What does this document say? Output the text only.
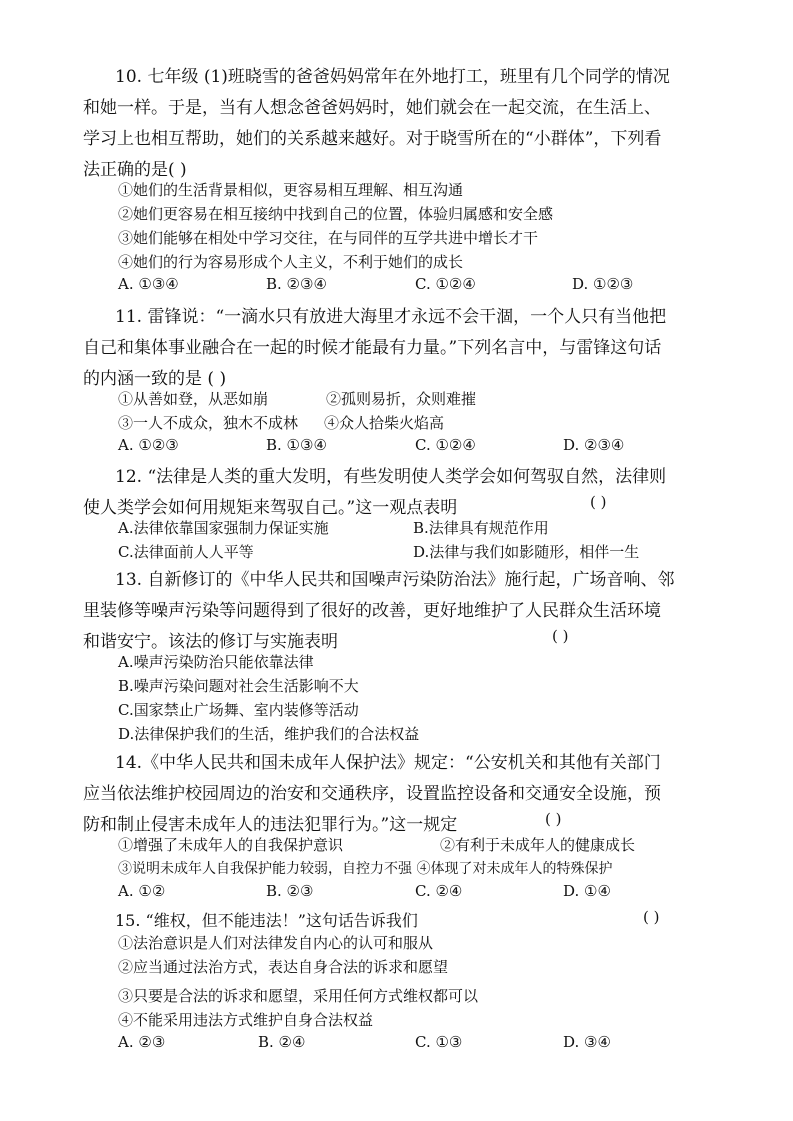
10. 七年级 (1)班晓雪的爸爸妈妈常年在外地打工，班里有几个同学的情况
和她一样。于是，当有人想念爸爸妈妈时，她们就会在一起交流，在生活上、
学习上也相互帮助，她们的关系越来越好。对于晓雪所在的“小群体”，下列看
法正确的是( )
①她们的生活背景相似，更容易相互理解、相互沟通
②她们更容易在相互接纳中找到自己的位置，体验归属感和安全感
③她们能够在相处中学习交往，在与同伴的互学共进中增长才干
④她们的行为容易形成个人主义，不利于她们的成长
A. ①③④	B. ②③④	C. ①②④	D. ①②③
11. 雷锋说：“一滴水只有放进大海里才永远不会干涸，一个人只有当他把
自己和集体事业融合在一起的时候才能最有力量。”下列名言中，与雷锋这句话
的内涵一致的是 ( )
①从善如登，从恶如崩	②孤则易折，众则难摧
③一人不成众，独木不成林 ④众人拾柴火焰高
A. ①②③	B. ①③④	C. ①②④	D. ②③④
12. “法律是人类的重大发明，有些发明使人类学会如何驾驭自然，法律则
使人类学会如何用规矩来驾驭自己。”这一观点表明	( )
A.法律依靠国家强制力保证实施	B.法律具有规范作用
C.法律面前人人平等	D.法律与我们如影随形，相伴一生
13. 自新修订的《中华人民共和国噪声污染防治法》施行起，广场音响、邻
里装修等噪声污染等问题得到了很好的改善，更好地维护了人民群众生活环境
和谐安宁。该法的修订与实施表明	( )
A.噪声污染防治只能依靠法律
B.噪声污染问题对社会生活影响不大
C.国家禁止广场舞、室内装修等活动
D.法律保护我们的生活，维护我们的合法权益
14.《中华人民共和国未成年人保护法》规定：“公安机关和其他有关部门
应当依法维护校园周边的治安和交通秩序，设置监控设备和交通安全设施，预
防和制止侵害未成年人的违法犯罪行为。”这一规定	( )
①增强了未成年人的自我保护意识	②有利于未成年人的健康成长
③说明未成年人自我保护能力较弱，自控力不强 ④体现了对未成年人的特殊保护
A. ①②	B. ②③	C. ②④	D. ①④
15. “维权，但不能违法！”这句话告诉我们	( )
①法治意识是人们对法律发自内心的认可和服从
②应当通过法治方式，表达自身合法的诉求和愿望
③只要是合法的诉求和愿望，采用任何方式维权都可以
④不能采用违法方式维护自身合法权益
A. ②③	B. ②④	C. ①③	D. ③④
